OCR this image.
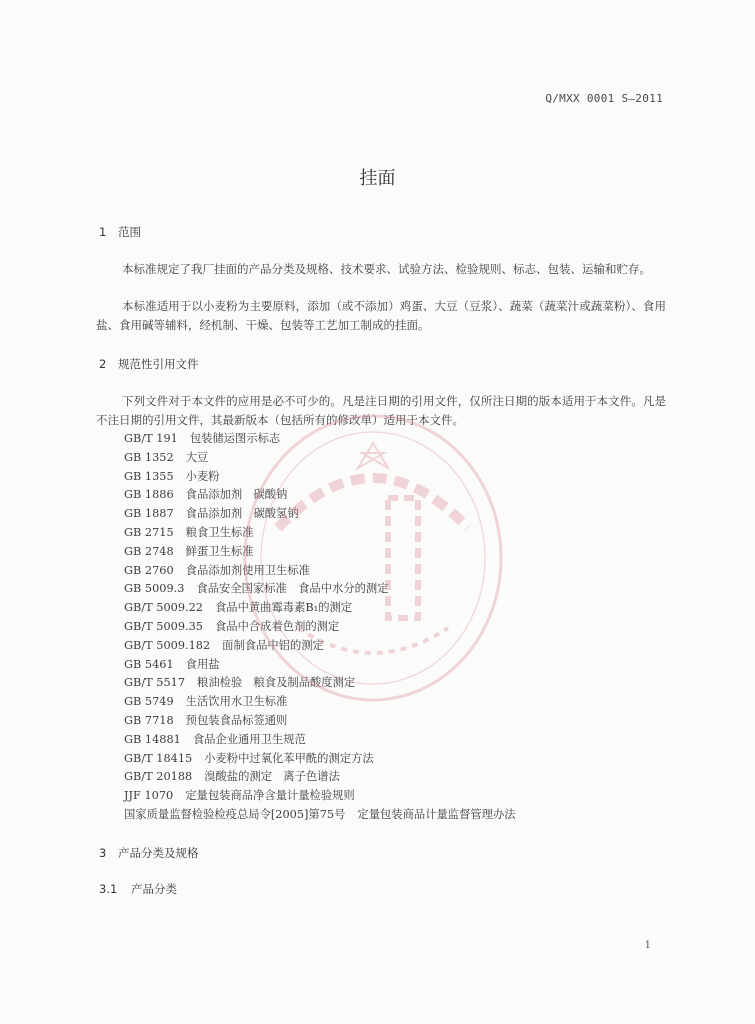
Q/MXX 0001 S—2011
挂面
1 范围
本标准规定了我厂挂面的产品分类及规格、技术要求、试验方法、检验规则、标志、包装、运输和贮存。
本标准适用于以小麦粉为主要原料，添加（或不添加）鸡蛋、大豆（豆浆）、蔬菜（蔬菜汁或蔬菜粉）、食用盐、食用碱等辅料，经机制、干燥、包装等工艺加工制成的挂面。
2 规范性引用文件
下列文件对于本文件的应用是必不可少的。凡是注日期的引用文件，仅所注日期的版本适用于本文件。凡是不注日期的引用文件，其最新版本（包括所有的修改单）适用于本文件。
GB/T 191 包装储运图示标志
GB 1352 大豆
GB 1355 小麦粉
GB 1886 食品添加剂　碳酸钠
GB 1887 食品添加剂　碳酸氢钠
GB 2715 粮食卫生标准
GB 2748 鲜蛋卫生标准
GB 2760 食品添加剂使用卫生标准
GB 5009.3 食品安全国家标准　食品中水分的测定
GB/T 5009.22 食品中黄曲霉毒素B₁的测定
GB/T 5009.35 食品中合成着色剂的测定
GB/T 5009.182 面制食品中铝的测定
GB 5461 食用盐
GB/T 5517 粮油检验　粮食及制品酸度测定
GB 5749 生活饮用水卫生标准
GB 7718 预包装食品标签通则
GB 14881 食品企业通用卫生规范
GB/T 18415 小麦粉中过氧化苯甲酰的测定方法
GB/T 20188 溴酸盐的测定　离子色谱法
JJF 1070 定量包装商品净含量计量检验规则
国家质量监督检验检疫总局令[2005]第75号 定量包装商品计量监督管理办法
3 产品分类及规格
3.1 产品分类
1
